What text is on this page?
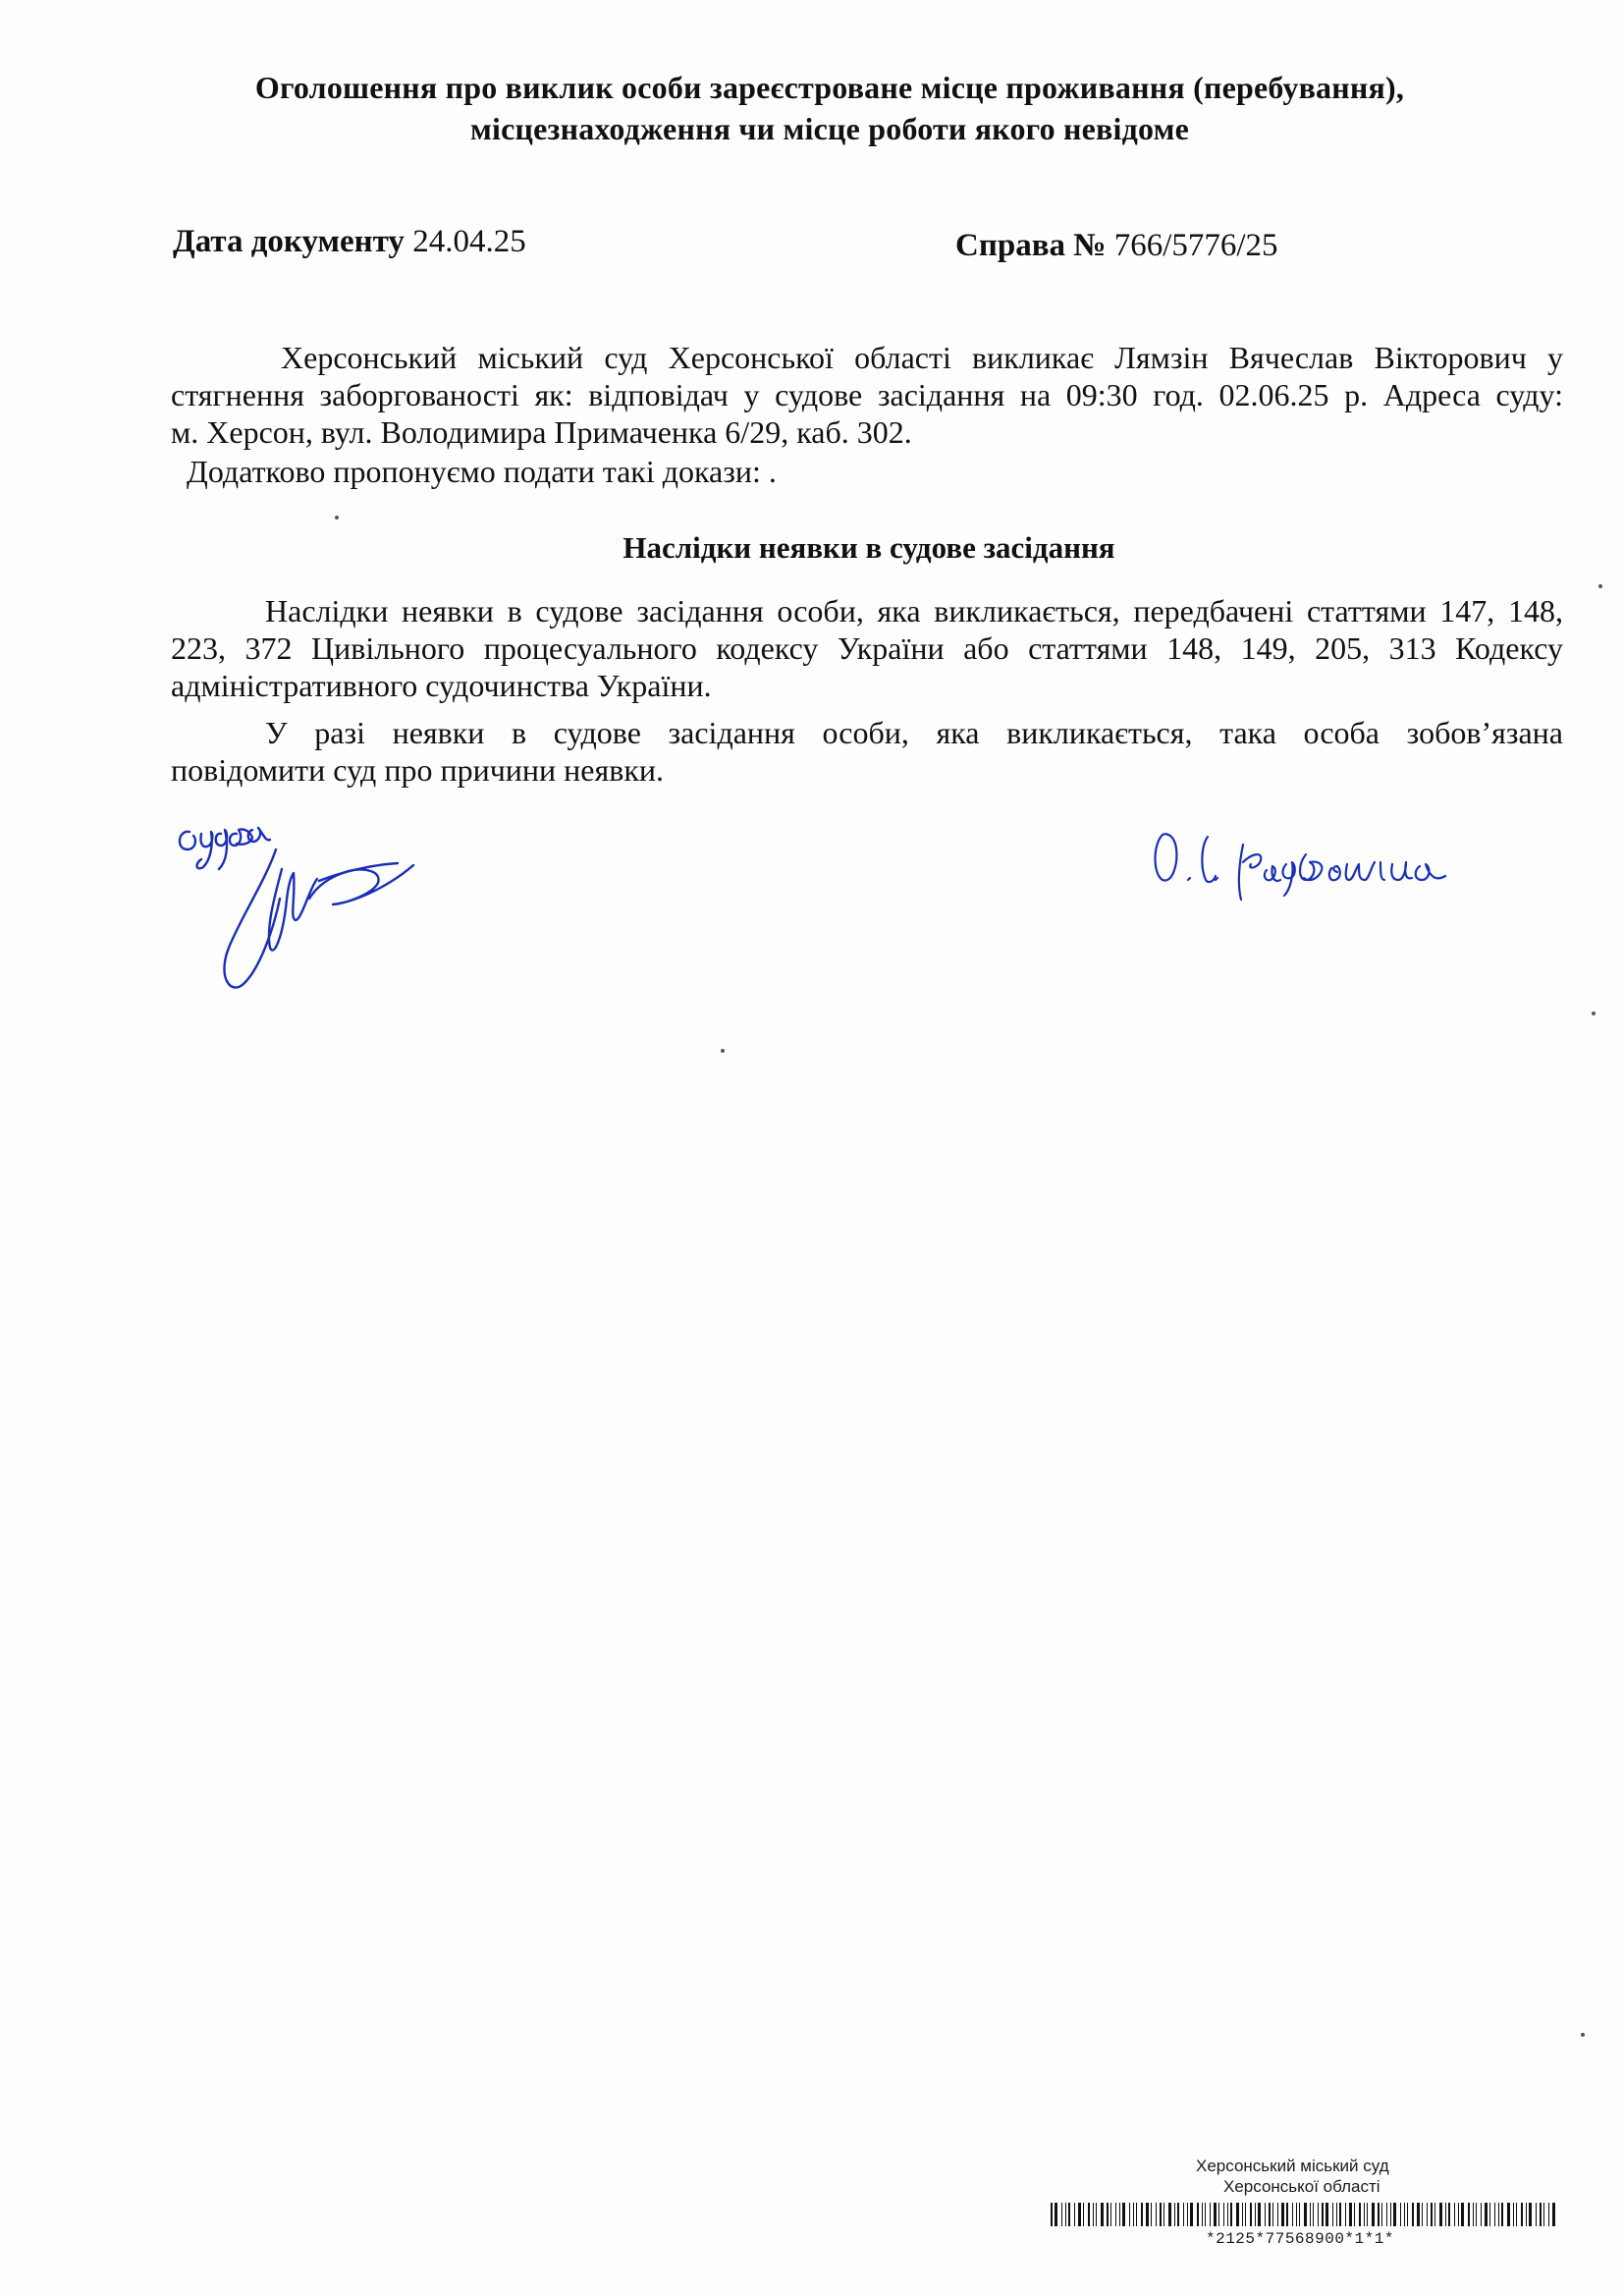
Оголошення про виклик особи зареєстроване місце проживання (перебування),
місцезнаходження чи місце роботи якого невідоме
Дата документу 24.04.25	Справа № 766/5776/25
Херсонський міський суд Херсонської області викликає Лямзін Вячеслав Вікторович у
стягнення заборгованості як: відповідач у судове засідання на 09:30 год. 02.06.25 р. Адреса суду:
м. Херсон, вул. Володимира Примаченка 6/29, каб. 302.
Додатково пропонуємо подати такі докази: .
Наслідки неявки в судове засідання
Наслідки неявки в судове засідання особи, яка викликається, передбачені статтями 147, 148,
223, 372 Цивільного процесуального кодексу України або статтями 148, 149, 205, 313 Кодексу
адміністративного судочинства України.
У разі неявки в судове засідання особи, яка викликається, така особа зобов’язана
повідомити суд про причини неявки.
Херсонський міський суд
Херсонської області
*2125*77568900*1*1*
